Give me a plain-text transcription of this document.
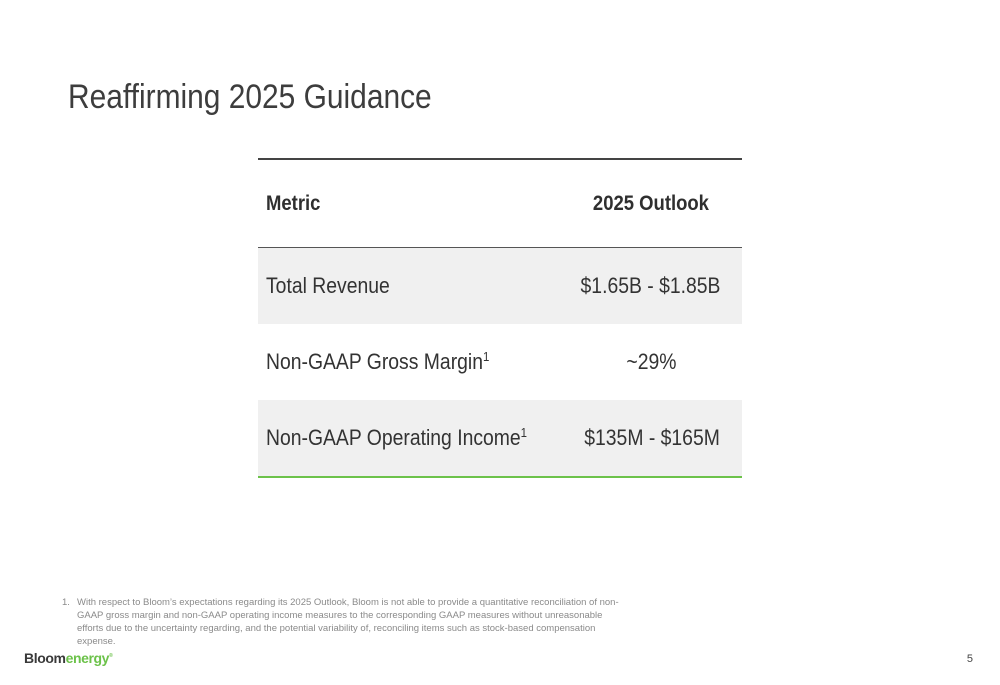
Reaffirming 2025 Guidance
Metric	2025 Outlook
Total Revenue	$1.65B - $1.85B
Non-GAAP Gross Margin$^1$	~29%
Non-GAAP Operating Income$^1$	$135M - $165M
1. With respect to Bloom’s expectations regarding its 2025 Outlook, Bloom is not able to provide a quantitative reconciliation of non-GAAP gross margin and non-GAAP operating income measures to the corresponding GAAP measures without unreasonable efforts due to the uncertainty regarding, and the potential variability of, reconciling items such as stock-based compensation expense.
Bloomenergy®	5
